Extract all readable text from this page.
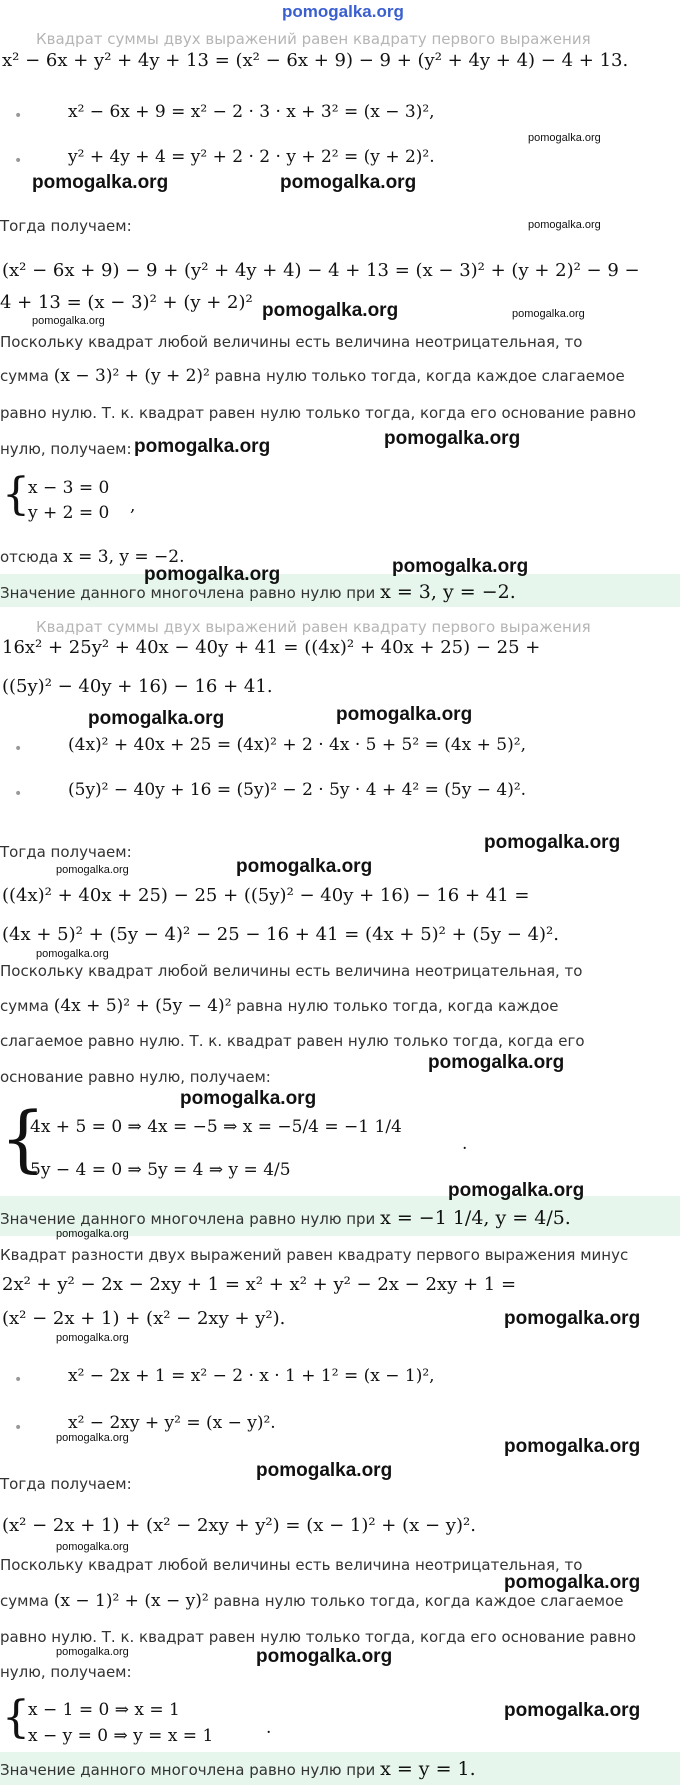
pomogalka.org
Квадрат суммы двух выражений равен квадрату первого выражения
x² − 6x + y² + 4y + 13 = (x² − 6x + 9) − 9 + (y² + 4y + 4) − 4 + 13.
•	x² − 6x + 9 = x² − 2 · 3 · x + 3² = (x − 3)²,
•	y² + 4y + 4 = y² + 2 · 2 · y + 2² = (y + 2)².
Тогда получаем:
(x² − 6x + 9) − 9 + (y² + 4y + 4) − 4 + 13 = (x − 3)² + (y + 2)² − 9 −
4 + 13 = (x − 3)² + (y + 2)²
Поскольку квадрат любой величины есть величина неотрицательная, то
сумма (x − 3)² + (y + 2)² равна нулю только тогда, когда каждое слагаемое
равно нулю. Т. к. квадрат равен нулю только тогда, когда его основание равно
нулю, получаем:
{
x − 3 = 0
y + 2 = 0 ,
отсюда x = 3, y = −2.
Значение данного многочлена равно нулю при x = 3, y = −2.
Квадрат суммы двух выражений равен квадрату первого выражения
16x² + 25y² + 40x − 40y + 41 = ((4x)² + 40x + 25) − 25 +
((5y)² − 40y + 16) − 16 + 41.
•	(4x)² + 40x + 25 = (4x)² + 2 · 4x · 5 + 5² = (4x + 5)²,
•	(5y)² − 40y + 16 = (5y)² − 2 · 5y · 4 + 4² = (5y − 4)².
Тогда получаем:
((4x)² + 40x + 25) − 25 + ((5y)² − 40y + 16) − 16 + 41 =
(4x + 5)² + (5y − 4)² − 25 − 16 + 41 = (4x + 5)² + (5y − 4)².
Поскольку квадрат любой величины есть величина неотрицательная, то
сумма (4x + 5)² + (5y − 4)² равна нулю только тогда, когда каждое
слагаемое равно нулю. Т. к. квадрат равен нулю только тогда, когда его
основание равно нулю, получаем:
{
4x + 5 = 0 ⇒ 4x = −5 ⇒ x = −5/4 = −1 1/4
5y − 4 = 0 ⇒ 5y = 4 ⇒ y = 4/5
.
Значение данного многочлена равно нулю при x = −1 1/4, y = 4/5.
Квадрат разности двух выражений равен квадрату первого выражения минус
2x² + y² − 2x − 2xy + 1 = x² + x² + y² − 2x − 2xy + 1 =
(x² − 2x + 1) + (x² − 2xy + y²).
•	x² − 2x + 1 = x² − 2 · x · 1 + 1² = (x − 1)²,
•	x² − 2xy + y² = (x − y)².
Тогда получаем:
(x² − 2x + 1) + (x² − 2xy + y²) = (x − 1)² + (x − y)².
Поскольку квадрат любой величины есть величина неотрицательная, то
сумма (x − 1)² + (x − y)² равна нулю только тогда, когда каждое слагаемое
равно нулю. Т. к. квадрат равен нулю только тогда, когда его основание равно
нулю, получаем:
{
x − 1 = 0 ⇒ x = 1
x − y = 0 ⇒ y = x = 1	.
Значение данного многочлена равно нулю при x = y = 1.
pomogalka.org
pomogalka.org	pomogalka.org
pomogalka.org
pomogalka.org
pomogalka.org
pomogalka.org
pomogalka.org	pomogalka.org
pomogalka.org	pomogalka.org
pomogalka.org	pomogalka.org
pomogalka.org
pomogalka.org
pomogalka.org
pomogalka.org
pomogalka.org
pomogalka.org
pomogalka.org
pomogalka.org
pomogalka.org
pomogalka.org
pomogalka.org	pomogalka.org
pomogalka.org
pomogalka.org
pomogalka.org
pomogalka.org	pomogalka.org
pomogalka.org
